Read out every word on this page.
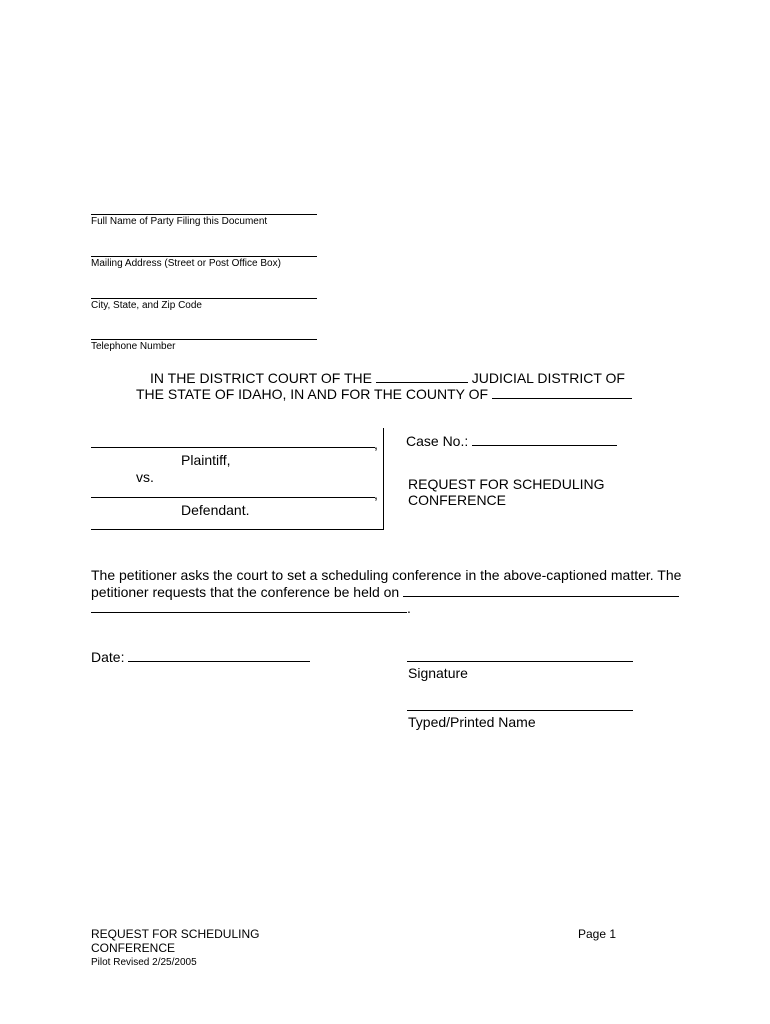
Full Name of Party Filing this Document
Mailing Address (Street or Post Office Box)
City, State, and Zip Code
Telephone Number
IN THE DISTRICT COURT OF THE	JUDICIAL DISTRICT OF
THE STATE OF IDAHO, IN AND FOR THE COUNTY OF
,
Plaintiff,
vs.
,
Defendant.
Case No.:
REQUEST FOR SCHEDULING
CONFERENCE
The petitioner asks the court to set a scheduling conference in the above-captioned matter. The
petitioner requests that the conference be held on
.
Date:
Signature
Typed/Printed Name
REQUEST FOR SCHEDULING
CONFERENCE
Pilot Revised 2/25/2005
Page 1
